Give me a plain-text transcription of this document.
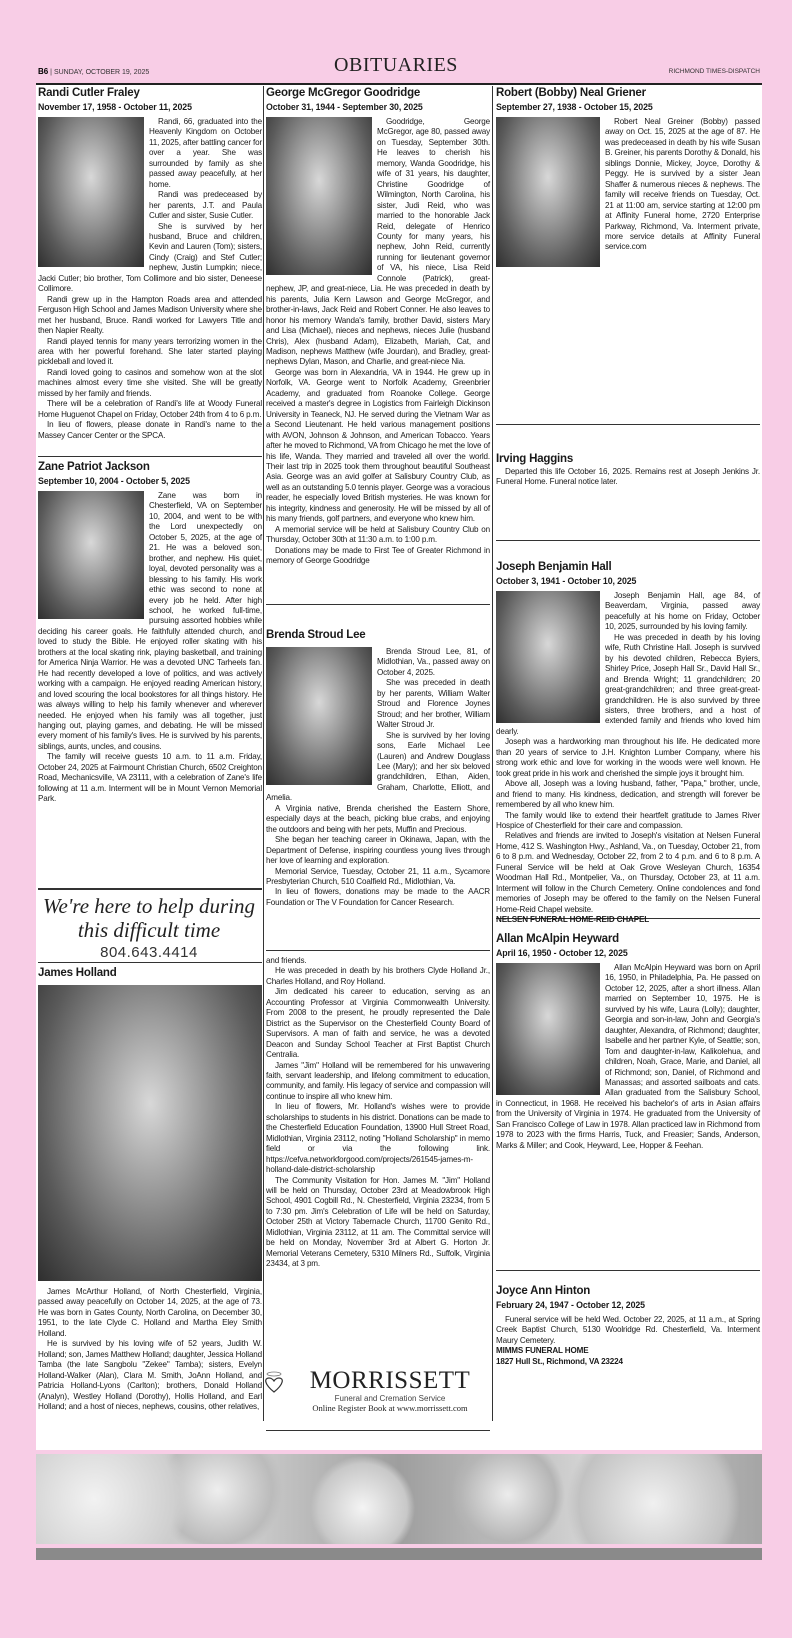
B6 | SUNDAY, OCTOBER 19, 2025	OBITUARIES	RICHMOND TIMES-DISPATCH
Randi Cutler Fraley
November 17, 1958 - October 11, 2025

Randi, 66, graduated into the Heavenly Kingdom on October 11, 2025, after battling cancer for over a year. She was surrounded by family as she passed away peacefully, at her home.

Randi was predeceased by her parents, J.T. and Paula Cutler and sister, Susie Cutler.

She is survived by her husband, Bruce and children, Kevin and Lauren (Tom); sisters, Cindy (Craig) and Stef Cutler; nephew, Justin Lumpkin; niece, Jacki Cutler; bio brother, Tom Collimore and bio sister, Deneese Collimore.

Randi grew up in the Hampton Roads area and attended Ferguson High School and James Madison University where she met her husband, Bruce. Randi worked for Lawyers Title and then Napier Realty.

Randi played tennis for many years terrorizing women in the area with her powerful forehand. She later started playing pickleball and loved it.

Randi loved going to casinos and somehow won at the slot machines almost every time she visited. She will be greatly missed by her family and friends.

There will be a celebration of Randi's life at Woody Funeral Home Huguenot Chapel on Friday, October 24th from 4 to 6 p.m.

In lieu of flowers, please donate in Randi's name to the Massey Cancer Center or the SPCA.

Zane Patriot Jackson
September 10, 2004 - October 5, 2025

Zane was born in Chesterfield, VA on September 10, 2004, and went to be with the Lord unexpectedly on October 5, 2025, at the age of 21. He was a beloved son, brother, and nephew. His quiet, loyal, devoted personality was a blessing to his family. His work ethic was second to none at every job he held. After high school, he worked full-time, pursuing assorted hobbies while deciding his career goals. He faithfully attended church, and loved to study the Bible. He enjoyed roller skating with his brothers at the local skating rink, playing basketball, and training for America Ninja Warrior. He was a devoted UNC Tarheels fan. He had recently developed a love of politics, and was actively working with a campaign. He enjoyed reading American history, and loved scouring the local bookstores for all things history. He was always willing to help his family whenever and wherever needed. He enjoyed when his family was all together, just hanging out, playing games, and debating. He will be missed every moment of his family's lives. He is survived by his parents, siblings, aunts, uncles, and cousins.

The family will receive guests 10 a.m. to 11 a.m. Friday, October 24, 2025 at Fairmount Christian Church, 6502 Creighton Road, Mechanicsville, VA 23111, with a celebration of Zane's life following at 11 a.m. Interment will be in Mount Vernon Memorial Park.

We're here to help during
this difficult time
804.643.4414
James Holland

James McArthur Holland, of North Chesterfield, Virginia, passed away peacefully on October 14, 2025, at the age of 73. He was born in Gates County, North Carolina, on December 30, 1951, to the late Clyde C. Holland and Martha Eley Smith Holland.

He is survived by his loving wife of 52 years, Judith W. Holland; son, James Matthew Holland; daughter, Jessica Holland Tamba (the late Sangbolu "Zekee" Tamba); sisters, Evelyn Holland-Walker (Alan), Clara M. Smith, JoAnn Holland, and Patricia Holland-Lyons (Carlton); brothers, Donald Holland (Analyn), Westley Holland (Dorothy), Hollis Holland, and Earl Holland; and a host of nieces, nephews, cousins, other relatives,

George McGregor Goodridge
October 31, 1944 - September 30, 2025

Goodridge, George McGregor, age 80, passed away on Tuesday, September 30th. He leaves to cherish his memory, Wanda Goodridge, his wife of 31 years, his daughter, Christine Goodridge of Wilmington, North Carolina, his sister, Judi Reid, who was married to the honorable Jack Reid, delegate of Henrico County for many years, his nephew, John Reid, currently running for lieutenant governor of VA, his niece, Lisa Reid Connole (Patrick), great-nephew, JP, and great-niece, Lia. He was preceded in death by his parents, Julia Kern Lawson and George McGregor, and brother-in-laws, Jack Reid and Robert Conner. He also leaves to honor his memory Wanda's family, brother David, sisters Mary and Lisa (Michael), nieces and nephews, nieces Julie (husband Chris), Alex (husband Adam), Elizabeth, Mariah, Cat, and Madison, nephews Matthew (wife Jourdan), and Bradley, great-nephews Dylan, Mason, and Charlie, and great-niece Nia.

George was born in Alexandria, VA in 1944. He grew up in Norfolk, VA. George went to Norfolk Academy, Greenbrier Academy, and graduated from Roanoke College. George received a master's degree in Logistics from Fairleigh Dickinson University in Teaneck, NJ. He served during the Vietnam War as a Second Lieutenant. He held various management positions with AVON, Johnson & Johnson, and American Tobacco. Years after he moved to Richmond, VA from Chicago he met the love of his life, Wanda. They married and traveled all over the world. Their last trip in 2025 took them throughout beautiful Southeast Asia. George was an avid golfer at Salisbury Country Club, as well as an outstanding 5.0 tennis player. George was a voracious reader, he especially loved British mysteries. He was known for his integrity, kindness and generosity. He will be missed by all of his many friends, golf partners, and everyone who knew him.

A memorial service will be held at Salisbury Country Club on Thursday, October 30th at 11:30 a.m. to 1:00 p.m.

Donations may be made to First Tee of Greater Richmond in memory of George Goodridge

Brenda Stroud Lee

Brenda Stroud Lee, 81, of Midlothian, Va., passed away on October 4, 2025.

She was preceded in death by her parents, William Walter Stroud and Florence Joynes Stroud; and her brother, William Walter Stroud Jr.

She is survived by her loving sons, Earle Michael Lee (Lauren) and Andrew Douglass Lee (Mary); and her six beloved grandchildren, Ethan, Aiden, Graham, Charlotte, Elliott, and Amelia.

A Virginia native, Brenda cherished the Eastern Shore, especially days at the beach, picking blue crabs, and enjoying the outdoors and being with her pets, Muffin and Precious.

She began her teaching career in Okinawa, Japan, with the Department of Defense, inspiring countless young lives through her love of learning and exploration.

Memorial Service, Tuesday, October 21, 11 a.m., Sycamore Presbyterian Church, 510 Coalfield Rd., Midlothian, Va.

In lieu of flowers, donations may be made to the AACR Foundation or The V Foundation for Cancer Research.

and friends.

He was preceded in death by his brothers Clyde Holland Jr., Charles Holland, and Roy Holland.

Jim dedicated his career to education, serving as an Accounting Professor at Virginia Commonwealth University. From 2008 to the present, he proudly represented the Dale District as the Supervisor on the Chesterfield County Board of Supervisors. A man of faith and service, he was a devoted Deacon and Sunday School Teacher at First Baptist Church Centralia.

James "Jim" Holland will be remembered for his unwavering faith, servant leadership, and lifelong commitment to education, community, and family. His legacy of service and compassion will continue to inspire all who knew him.

In lieu of flowers, Mr. Holland's wishes were to provide scholarships to students in his district. Donations can be made to the Chesterfield Education Foundation, 13900 Hull Street Road, Midlothian, Virginia 23112, noting "Holland Scholarship" in memo field or via the following link. https://cefva.networkforgood.com/projects/261545-james-m-holland-dale-district-scholarship

The Community Visitation for Hon. James M. "Jim" Holland will be held on Thursday, October 23rd at Meadowbrook High School, 4901 Cogbill Rd., N. Chesterfield, Virginia 23234, from 5 to 7:30 pm. Jim's Celebration of Life will be held on Saturday, October 25th at Victory Tabernacle Church, 11700 Genito Rd., Midlothian, Virginia 23112, at 11 am. The Committal service will be held on Monday, November 3rd at Albert G. Horton Jr. Memorial Veterans Cemetery, 5310 Milners Rd., Suffolk, Virginia 23434, at 3 pm.

MORRISSETT
Funeral and Cremation Service
Online Register Book at www.morrissett.com
Robert (Bobby) Neal Griener
September 27, 1938 - October 15, 2025

Robert Neal Greiner (Bobby) passed away on Oct. 15, 2025 at the age of 87. He was predeceased in death by his wife Susan B. Greiner, his parents Dorothy & Donald, his siblings Donnie, Mickey, Joyce, Dorothy & Peggy. He is survived by a sister Jean Shaffer & numerous nieces & nephews. The family will receive friends on Tuesday, Oct. 21 at 11:00 am, service starting at 12:00 pm at Affinity Funeral home, 2720 Enterprise Parkway, Richmond, Va. Interment private, more service details at Affinity Funeral service.com

Irving Haggins

Departed this life October 16, 2025. Remains rest at Joseph Jenkins Jr. Funeral Home. Funeral notice later.

Joseph Benjamin Hall
October 3, 1941 - October 10, 2025

Joseph Benjamin Hall, age 84, of Beaverdam, Virginia, passed away peacefully at his home on Friday, October 10, 2025, surrounded by his loving family.

He was preceded in death by his loving wife, Ruth Christine Hall. Joseph is survived by his devoted children, Rebecca Byiers, Shirley Price, Joseph Hall Sr., David Hall Sr., and Brenda Wright; 11 grandchildren; 20 great-grandchildren; and three great-great-grandchildren. He is also survived by three sisters, three brothers, and a host of extended family and friends who loved him dearly.

Joseph was a hardworking man throughout his life. He dedicated more than 20 years of service to J.H. Knighton Lumber Company, where his strong work ethic and love for working in the woods were well known. He took great pride in his work and cherished the simple joys it brought him.

Above all, Joseph was a loving husband, father, "Papa," brother, uncle, and friend to many. His kindness, dedication, and strength will forever be remembered by all who knew him.

The family would like to extend their heartfelt gratitude to James River Hospice of Chesterfield for their care and compassion.

Relatives and friends are invited to Joseph's visitation at Nelsen Funeral Home, 412 S. Washington Hwy., Ashland, Va., on Tuesday, October 21, from 6 to 8 p.m. and Wednesday, October 22, from 2 to 4 p.m. and 6 to 8 p.m. A Funeral Service will be held at Oak Grove Wesleyan Church, 16354 Woodman Hall Rd., Montpelier, Va., on Thursday, October 23, at 11 a.m. Interment will follow in the Church Cemetery. Online condolences and fond memories of Joseph may be offered to the family on the Nelsen Funeral Home-Reid Chapel website.

NELSEN FUNERAL HOME-REID CHAPEL

Allan McAlpin Heyward
April 16, 1950 - October 12, 2025

Allan McAlpin Heyward was born on April 16, 1950, in Philadelphia, Pa. He passed on October 12, 2025, after a short illness. Allan married on September 10, 1975. He is survived by his wife, Laura (Lolly); daughter, Georgia and son-in-law, John and Georgia's daughter, Alexandra, of Richmond; daughter, Isabelle and her partner Kyle, of Seattle; son, Tom and daughter-in-law, Kalikolehua, and children, Noah, Grace, Marie, and Daniel, all of Richmond; son, Daniel, of Richmond and Manassas; and assorted sailboats and cats. Allan graduated from the Salisbury School, in Connecticut, in 1968. He received his bachelor's of arts in Asian affairs from the University of Virginia in 1974. He graduated from the University of San Francisco College of Law in 1978. Allan practiced law in Richmond from 1978 to 2023 with the firms Harris, Tuck, and Freasier; Sands, Anderson, Marks & Miller; and Cook, Heyward, Lee, Hopper & Feehan.

Joyce Ann Hinton
February 24, 1947 - October 12, 2025

Funeral service will be held Wed. October 22, 2025, at 11 a.m., at Spring Creek Baptist Church, 5130 Woolridge Rd. Chesterfield, Va. Interment Maury Cemetery.

MIMMS FUNERAL HOME

1827 Hull St., Richmond, VA 23224
